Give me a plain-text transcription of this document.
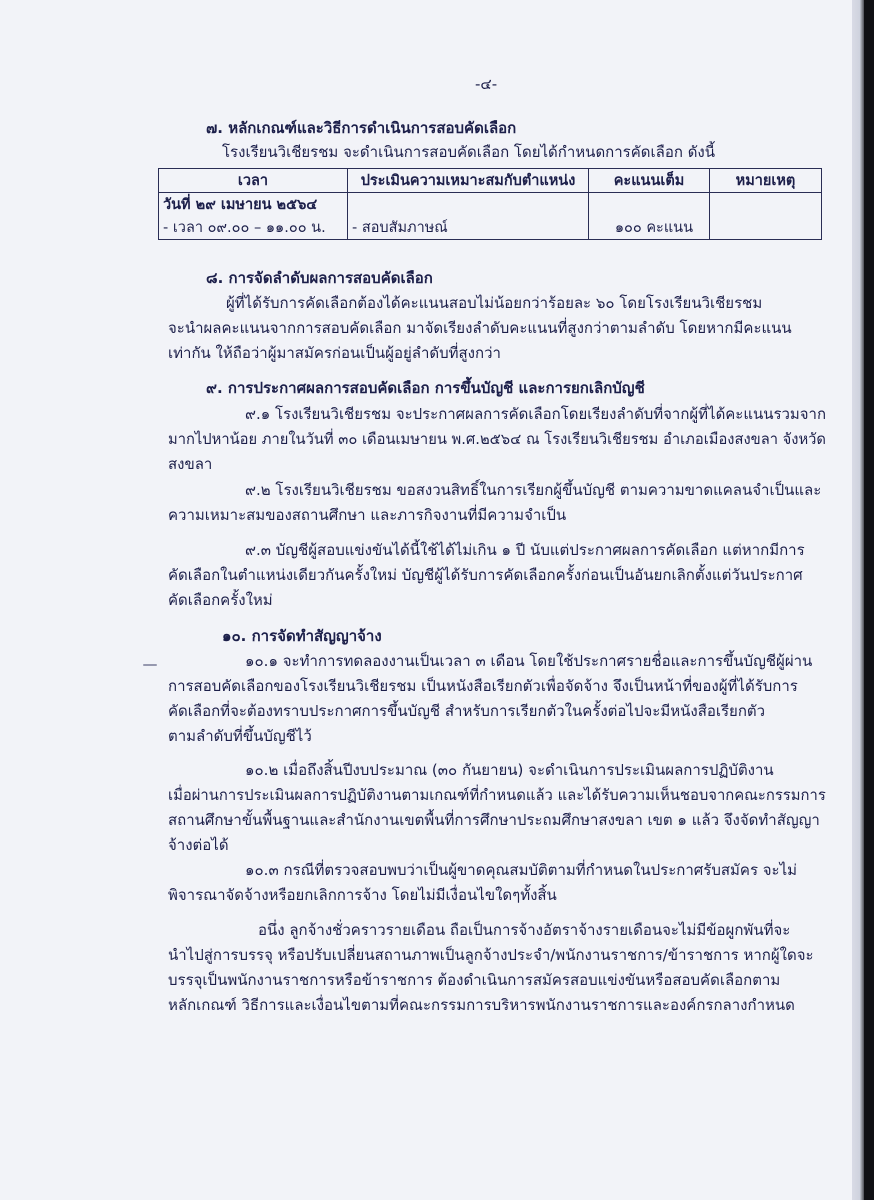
-๔-
๗. หลักเกณฑ์และวิธีการดำเนินการสอบคัดเลือก
โรงเรียนวิเชียรชม จะดำเนินการสอบคัดเลือก โดยได้กำหนดการคัดเลือก ดังนี้
เวลา	ประเมินความเหมาะสมกับตำแหน่ง	คะแนนเต็ม	หมายเหตุ
วันที่ ๒๙ เมษายน ๒๕๖๔			
- เวลา ๐๙.๐๐ – ๑๑.๐๐ น.	- สอบสัมภาษณ์	๑๐๐ คะแนน	
๘. การจัดลำดับผลการสอบคัดเลือก
ผู้ที่ได้รับการคัดเลือกต้องได้คะแนนสอบไม่น้อยกว่าร้อยละ ๖๐ โดยโรงเรียนวิเชียรชม
จะนำผลคะแนนจากการสอบคัดเลือก มาจัดเรียงลำดับคะแนนที่สูงกว่าตามลำดับ โดยหากมีคะแนน
เท่ากัน ให้ถือว่าผู้มาสมัครก่อนเป็นผู้อยู่ลำดับที่สูงกว่า
๙. การประกาศผลการสอบคัดเลือก การขึ้นบัญชี และการยกเลิกบัญชี
๙.๑ โรงเรียนวิเชียรชม จะประกาศผลการคัดเลือกโดยเรียงลำดับที่จากผู้ที่ได้คะแนนรวมจาก
มากไปหาน้อย ภายในวันที่ ๓๐ เดือนเมษายน พ.ศ.๒๕๖๔ ณ โรงเรียนวิเชียรชม อำเภอเมืองสงขลา จังหวัด
สงขลา
๙.๒ โรงเรียนวิเชียรชม ขอสงวนสิทธิ์ในการเรียกผู้ขึ้นบัญชี ตามความขาดแคลนจำเป็นและ
ความเหมาะสมของสถานศึกษา และภารกิจงานที่มีความจำเป็น
๙.๓ บัญชีผู้สอบแข่งขันได้นี้ใช้ได้ไม่เกิน ๑ ปี นับแต่ประกาศผลการคัดเลือก แต่หากมีการ
คัดเลือกในตำแหน่งเดียวกันครั้งใหม่ บัญชีผู้ได้รับการคัดเลือกครั้งก่อนเป็นอันยกเลิกตั้งแต่วันประกาศ
คัดเลือกครั้งใหม่
๑๐. การจัดทำสัญญาจ้าง
๑๐.๑ จะทำการทดลองงานเป็นเวลา ๓ เดือน โดยใช้ประกาศรายชื่อและการขึ้นบัญชีผู้ผ่าน
การสอบคัดเลือกของโรงเรียนวิเชียรชม เป็นหนังสือเรียกตัวเพื่อจัดจ้าง จึงเป็นหน้าที่ของผู้ที่ได้รับการ
คัดเลือกที่จะต้องทราบประกาศการขึ้นบัญชี สำหรับการเรียกตัวในครั้งต่อไปจะมีหนังสือเรียกตัว
ตามลำดับที่ขึ้นบัญชีไว้
๑๐.๒ เมื่อถึงสิ้นปีงบประมาณ (๓๐ กันยายน) จะดำเนินการประเมินผลการปฏิบัติงาน
เมื่อผ่านการประเมินผลการปฏิบัติงานตามเกณฑ์ที่กำหนดแล้ว และได้รับความเห็นชอบจากคณะกรรมการ
สถานศึกษาขั้นพื้นฐานและสำนักงานเขตพื้นที่การศึกษาประถมศึกษาสงขลา เขต ๑ แล้ว จึงจัดทำสัญญา
จ้างต่อได้
๑๐.๓ กรณีที่ตรวจสอบพบว่าเป็นผู้ขาดคุณสมบัติตามที่กำหนดในประกาศรับสมัคร จะไม่
พิจารณาจัดจ้างหรือยกเลิกการจ้าง โดยไม่มีเงื่อนไขใดๆทั้งสิ้น
อนึ่ง ลูกจ้างชั่วคราวรายเดือน ถือเป็นการจ้างอัตราจ้างรายเดือนจะไม่มีข้อผูกพันที่จะ
นำไปสู่การบรรจุ หรือปรับเปลี่ยนสถานภาพเป็นลูกจ้างประจำ/พนักงานราชการ/ข้าราชการ หากผู้ใดจะ
บรรจุเป็นพนักงานราชการหรือข้าราชการ ต้องดำเนินการสมัครสอบแข่งขันหรือสอบคัดเลือกตาม
หลักเกณฑ์ วิธีการและเงื่อนไขตามที่คณะกรรมการบริหารพนักงานราชการและองค์กรกลางกำหนด
